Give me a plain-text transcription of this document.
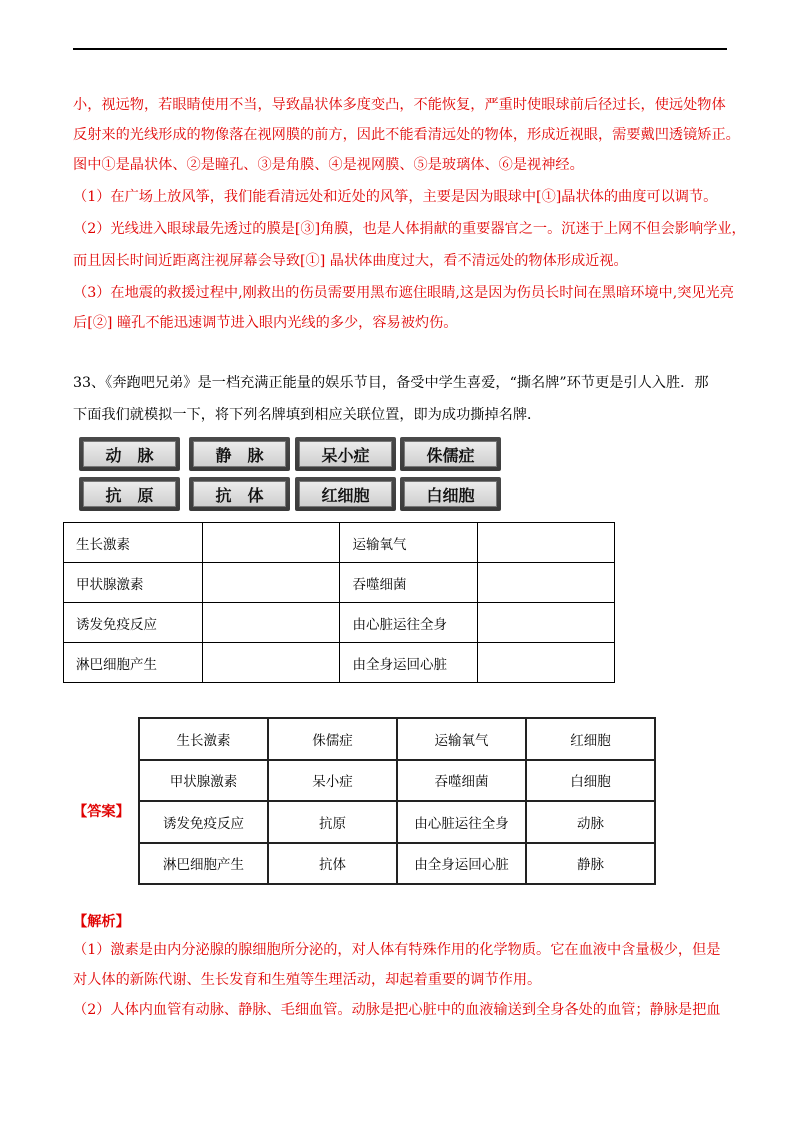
小，视远物，若眼睛使用不当，导致晶状体多度变凸，不能恢复，严重时使眼球前后径过长，使远处物体
反射来的光线形成的物像落在视网膜的前方，因此不能看清远处的物体，形成近视眼，需要戴凹透镜矫正。
图中①是晶状体、②是瞳孔、③是角膜、④是视网膜、⑤是玻璃体、⑥是视神经。
（1）在广场上放风筝，我们能看清远处和近处的风筝，主要是因为眼球中[①]晶状体的曲度可以调节。
（2）光线进入眼球最先透过的膜是[③]角膜，也是人体捐献的重要器官之一。沉迷于上网不但会影响学业，
而且因长时间近距离注视屏幕会导致[①] 晶状体曲度过大，看不清远处的物体形成近视。
（3）在地震的救援过程中,刚救出的伤员需要用黑布遮住眼睛,这是因为伤员长时间在黑暗环境中,突见光亮
后[②] 瞳孔不能迅速调节进入眼内光线的多少，容易被灼伤。
33、《奔跑吧兄弟》是一档充满正能量的娱乐节目，备受中学生喜爱，“撕名牌”环节更是引人入胜．那
下面我们就模拟一下，将下列名牌填到相应关联位置，即为成功撕掉名牌．
动　脉	静　脉	呆小症	侏儒症
抗　原	抗　体	红细胞	白细胞
生长激素		运输氧气	
甲状腺激素		吞噬细菌	
诱发免疫反应		由心脏运往全身	
淋巴细胞产生		由全身运回心脏	
【答案】
生长激素	侏儒症	运输氧气	红细胞
甲状腺激素	呆小症	吞噬细菌	白细胞
诱发免疫反应	抗原	由心脏运往全身	动脉
淋巴细胞产生	抗体	由全身运回心脏	静脉
【解析】
（1）激素是由内分泌腺的腺细胞所分泌的，对人体有特殊作用的化学物质。它在血液中含量极少，但是
对人体的新陈代谢、生长发育和生殖等生理活动，却起着重要的调节作用。
（2）人体内血管有动脉、静脉、毛细血管。动脉是把心脏中的血液输送到全身各处的血管；静脉是把血
